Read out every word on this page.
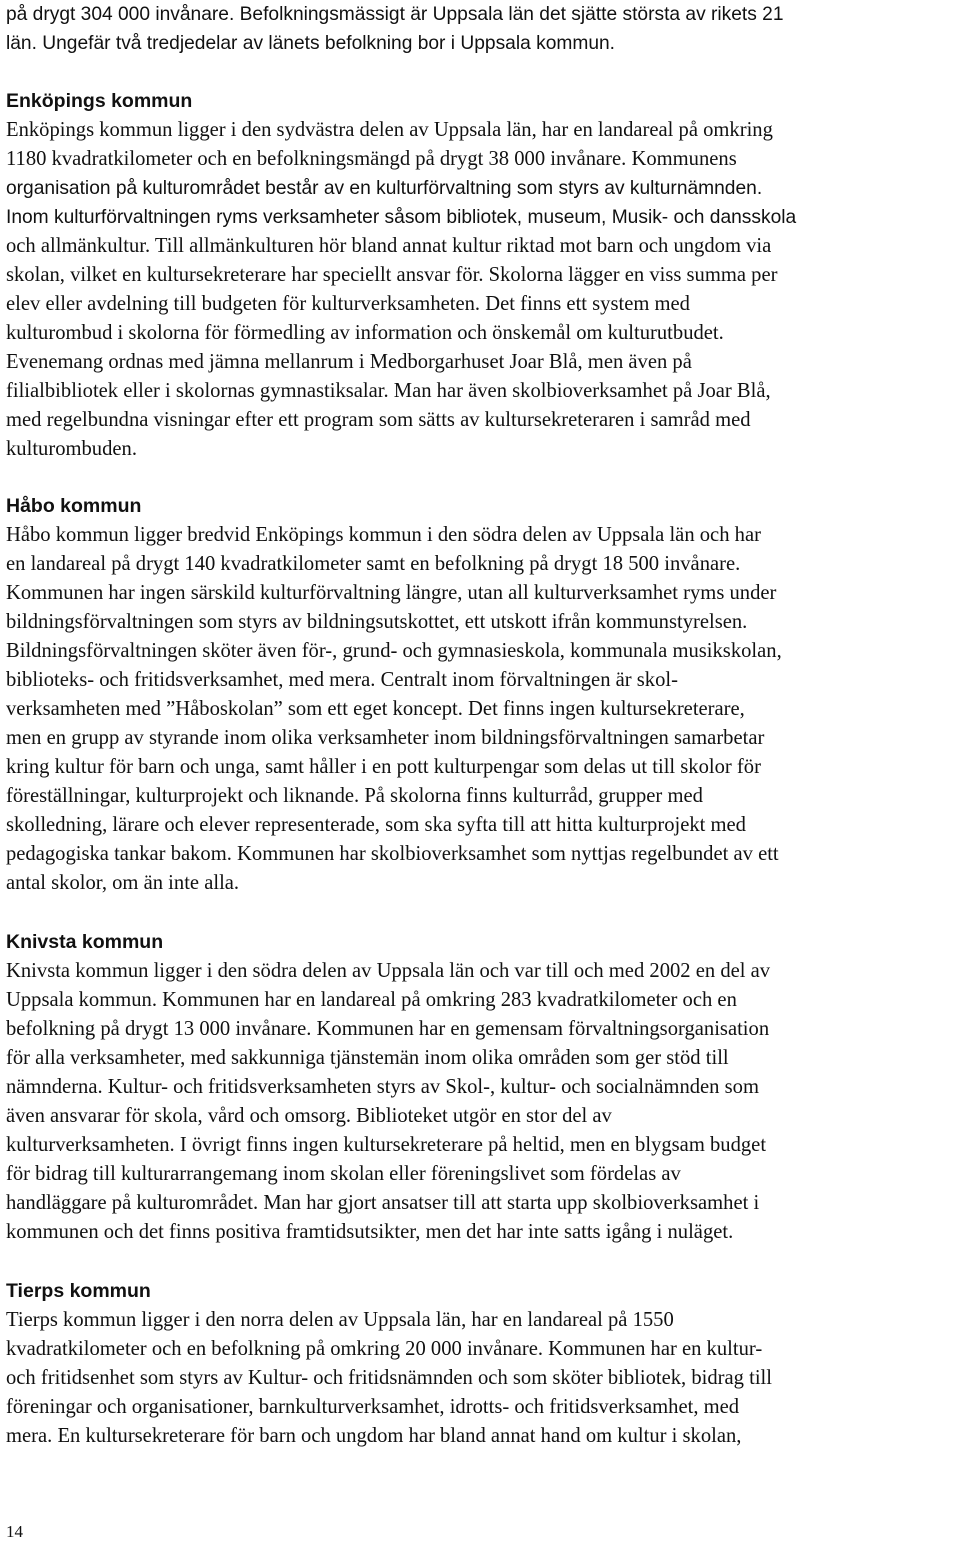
på drygt 304 000 invånare. Befolkningsmässigt är Uppsala län det sjätte största av rikets 21
län. Ungefär två tredjedelar av länets befolkning bor i Uppsala kommun.
Enköpings kommun
Enköpings kommun ligger i den sydvästra delen av Uppsala län, har en landareal på omkring
1180 kvadratkilometer och en befolkningsmängd på drygt 38 000 invånare. Kommunens
organisation på kulturområdet består av en kulturförvaltning som styrs av kulturnämnden.
Inom kulturförvaltningen ryms verksamheter såsom bibliotek, museum, Musik- och dansskola
och allmänkultur. Till allmänkulturen hör bland annat kultur riktad mot barn och ungdom via
skolan, vilket en kultursekreterare har speciellt ansvar för. Skolorna lägger en viss summa per
elev eller avdelning till budgeten för kulturverksamheten. Det finns ett system med
kulturombud i skolorna för förmedling av information och önskemål om kulturutbudet.
Evenemang ordnas med jämna mellanrum i Medborgarhuset Joar Blå, men även på
filialbibliotek eller i skolornas gymnastiksalar. Man har även skolbioverksamhet på Joar Blå,
med regelbundna visningar efter ett program som sätts av kultursekreteraren i samråd med
kulturombuden.
Håbo kommun
Håbo kommun ligger bredvid Enköpings kommun i den södra delen av Uppsala län och har
en landareal på drygt 140 kvadratkilometer samt en befolkning på drygt 18 500 invånare.
Kommunen har ingen särskild kulturförvaltning längre, utan all kulturverksamhet ryms under
bildningsförvaltningen som styrs av bildningsutskottet, ett utskott ifrån kommunstyrelsen.
Bildningsförvaltningen sköter även för-, grund- och gymnasieskola, kommunala musikskolan,
biblioteks- och fritidsverksamhet, med mera. Centralt inom förvaltningen är skol-
verksamheten med ”Håboskolan” som ett eget koncept. Det finns ingen kultursekreterare,
men en grupp av styrande inom olika verksamheter inom bildningsförvaltningen samarbetar
kring kultur för barn och unga, samt håller i en pott kulturpengar som delas ut till skolor för
föreställningar, kulturprojekt och liknande. På skolorna finns kulturråd, grupper med
skolledning, lärare och elever representerade, som ska syfta till att hitta kulturprojekt med
pedagogiska tankar bakom. Kommunen har skolbioverksamhet som nyttjas regelbundet av ett
antal skolor, om än inte alla.
Knivsta kommun
Knivsta kommun ligger i den södra delen av Uppsala län och var till och med 2002 en del av
Uppsala kommun. Kommunen har en landareal på omkring 283 kvadratkilometer och en
befolkning på drygt 13 000 invånare. Kommunen har en gemensam förvaltningsorganisation
för alla verksamheter, med sakkunniga tjänstemän inom olika områden som ger stöd till
nämnderna. Kultur- och fritidsverksamheten styrs av Skol-, kultur- och socialnämnden som
även ansvarar för skola, vård och omsorg. Biblioteket utgör en stor del av
kulturverksamheten. I övrigt finns ingen kultursekreterare på heltid, men en blygsam budget
för bidrag till kulturarrangemang inom skolan eller föreningslivet som fördelas av
handläggare på kulturområdet. Man har gjort ansatser till att starta upp skolbioverksamhet i
kommunen och det finns positiva framtidsutsikter, men det har inte satts igång i nuläget.
Tierps kommun
Tierps kommun ligger i den norra delen av Uppsala län, har en landareal på 1550
kvadratkilometer och en befolkning på omkring 20 000 invånare. Kommunen har en kultur-
och fritidsenhet som styrs av Kultur- och fritidsnämnden och som sköter bibliotek, bidrag till
föreningar och organisationer, barnkulturverksamhet, idrotts- och fritidsverksamhet, med
mera. En kultursekreterare för barn och ungdom har bland annat hand om kultur i skolan,
14
